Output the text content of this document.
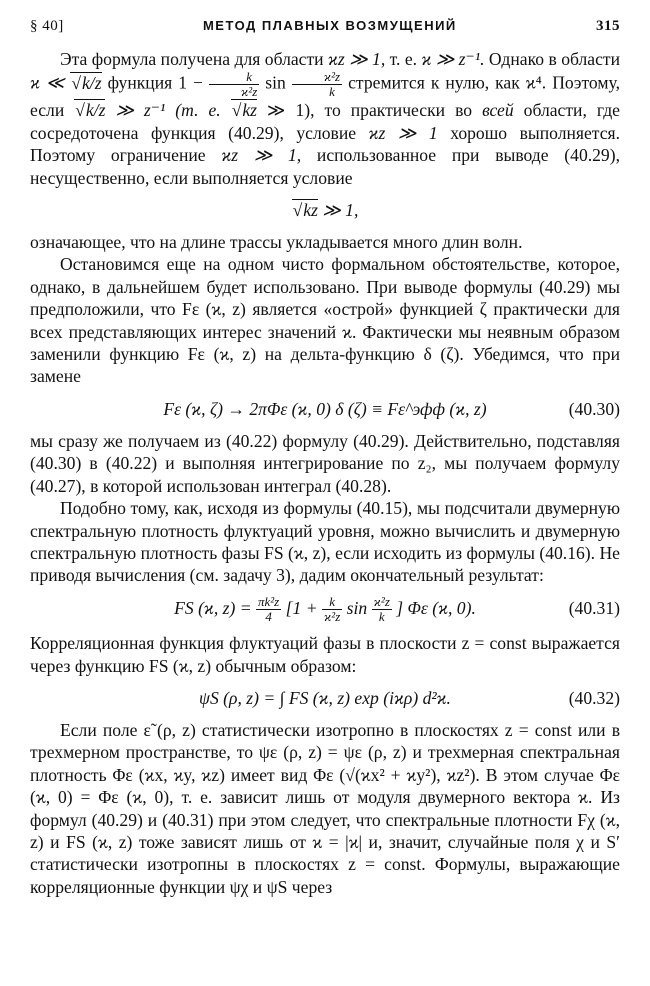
§ 40]	МЕТОД ПЛАВНЫХ ВОЗМУЩЕНИЙ	315

Эта формула получена для области ϰz ≫ 1, т. е. ϰ ≫ z⁻¹. Однако в области ϰ ≪ √ k/z функция $1 - \frac{k}{\text{ϰ²z}}$ $\sin \frac{\text{ϰ²z}}{k}$ стремится к нулю, как ϰ⁴. Поэтому, если √ k/z ≫ z⁻¹ (т. е. √ kz ≫ 1), то практически во всей области, где сосредоточена функция (40.29), условие ϰz ≫ 1 хорошо выполняется. Поэтому ограничение ϰz ≫ 1, использованное при выводе (40.29), несущественно, если выполняется условие

√ kz ≫ 1,

означающее, что на длине трассы укладывается много длин волн.

Остановимся еще на одном чисто формальном обстоятельстве, которое, однако, в дальнейшем будет использовано. При выводе формулы (40.29) мы предположили, что Fε (ϰ, z) является «острой» функцией ζ практически для всех представляющих интерес значений ϰ. Фактически мы неявным образом заменили функцию Fε (ϰ, z) на дельта-функцию δ (ζ). Убедимся, что при замене

Fε (ϰ, ζ) → 2πΦε (ϰ, 0) δ (ζ) ≡ Fε^эфф (ϰ, z)	(40.30)

мы сразу же получаем из (40.22) формулу (40.29). Действительно, подставляя (40.30) в (40.22) и выполняя интегрирование по z₂, мы получаем формулу (40.27), в которой использован интеграл (40.28).

Подобно тому, как, исходя из формулы (40.15), мы подсчитали двумерную спектральную плотность флуктуаций уровня, можно вычислить и двумерную спектральную плотность фазы FS (ϰ, z), если исходить из формулы (40.16). Не приводя вычисления (см. задачу 3), дадим окончательный результат:

FS (ϰ, $z) = \frac{\text{πk²z}}{4} [1 + \frac{k}{\text{ϰ²z}}$ $\sin \frac{\text{ϰ²z}}{k}$ ] Φε (ϰ, 0).	(40.31)

Корреляционная функция флуктуаций фазы в плоскости z = const выражается через функцию FS (ϰ, z) обычным образом:

ψS (ρ, z) = ∫ FS (ϰ, z) exp (iϰρ) d²ϰ.	(40.32)

Если поле ε̃ (ρ, z) статистически изотропно в плоскостях z = const или в трехмерном пространстве, то ψε (ρ, z) = ψε (ρ, z) и трехмерная спектральная плотность Φε (ϰx, ϰy, ϰz) имеет вид Φε (√(ϰx² + ϰy²), ϰz²). В этом случае Φε (ϰ, 0) = Φε (ϰ, 0), т. е. зависит лишь от модуля двумерного вектора ϰ. Из формул (40.29) и (40.31) при этом следует, что спектральные плотности Fχ (ϰ, z) и FS (ϰ, z) тоже зависят лишь от ϰ = |ϰ| и, значит, случайные поля χ и S′ статистически изотропны в плоскостях z = const. Формулы, выражающие корреляционные функции ψχ и ψS через
